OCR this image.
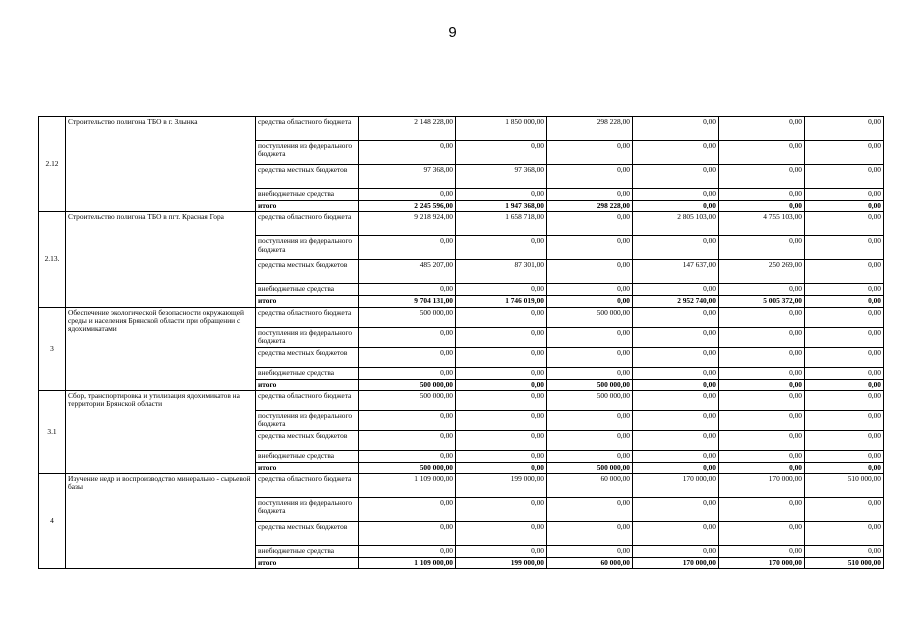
9
2.12	Строительство полигона ТБО в г. Злынка	средства областного бюджета	2 148 228,00	1 850 000,00	298 228,00	0,00	0,00	0,00
		поступления из федерального бюджета	0,00	0,00	0,00	0,00	0,00	0,00
		средства местных бюджетов	97 368,00	97 368,00	0,00	0,00	0,00	0,00
		внебюджетные средства	0,00	0,00	0,00	0,00	0,00	0,00
		итого	2 245 596,00	1 947 368,00	298 228,00	0,00	0,00	0,00
2.13.	Строительство полигона ТБО в пгт. Красная Гора	средства областного бюджета	9 218 924,00	1 658 718,00	0,00	2 805 103,00	4 755 103,00	0,00
		поступления из федерального бюджета	0,00	0,00	0,00	0,00	0,00	0,00
		средства местных бюджетов	485 207,00	87 301,00	0,00	147 637,00	250 269,00	0,00
		внебюджетные средства	0,00	0,00	0,00	0,00	0,00	0,00
		итого	9 704 131,00	1 746 019,00	0,00	2 952 740,00	5 005 372,00	0,00
3	Обеспечение экологической безопасности окружающей среды и населения Брянской области при обращении с ядохимикатами	средства областного бюджета	500 000,00	0,00	500 000,00	0,00	0,00	0,00
		поступления из федерального бюджета	0,00	0,00	0,00	0,00	0,00	0,00
		средства местных бюджетов	0,00	0,00	0,00	0,00	0,00	0,00
		внебюджетные средства	0,00	0,00	0,00	0,00	0,00	0,00
		итого	500 000,00	0,00	500 000,00	0,00	0,00	0,00
3.1	Сбор, транспортировка и утилизация ядохимикатов на территории Брянской области	средства областного бюджета	500 000,00	0,00	500 000,00	0,00	0,00	0,00
		поступления из федерального бюджета	0,00	0,00	0,00	0,00	0,00	0,00
		средства местных бюджетов	0,00	0,00	0,00	0,00	0,00	0,00
		внебюджетные средства	0,00	0,00	0,00	0,00	0,00	0,00
		итого	500 000,00	0,00	500 000,00	0,00	0,00	0,00
4	Изучение недр и воспроизводство минерально - сырьевой базы	средства областного бюджета	1 109 000,00	199 000,00	60 000,00	170 000,00	170 000,00	510 000,00
		поступления из федерального бюджета	0,00	0,00	0,00	0,00	0,00	0,00
		средства местных бюджетов	0,00	0,00	0,00	0,00	0,00	0,00
		внебюджетные средства	0,00	0,00	0,00	0,00	0,00	0,00
		итого	1 109 000,00	199 000,00	60 000,00	170 000,00	170 000,00	510 000,00
